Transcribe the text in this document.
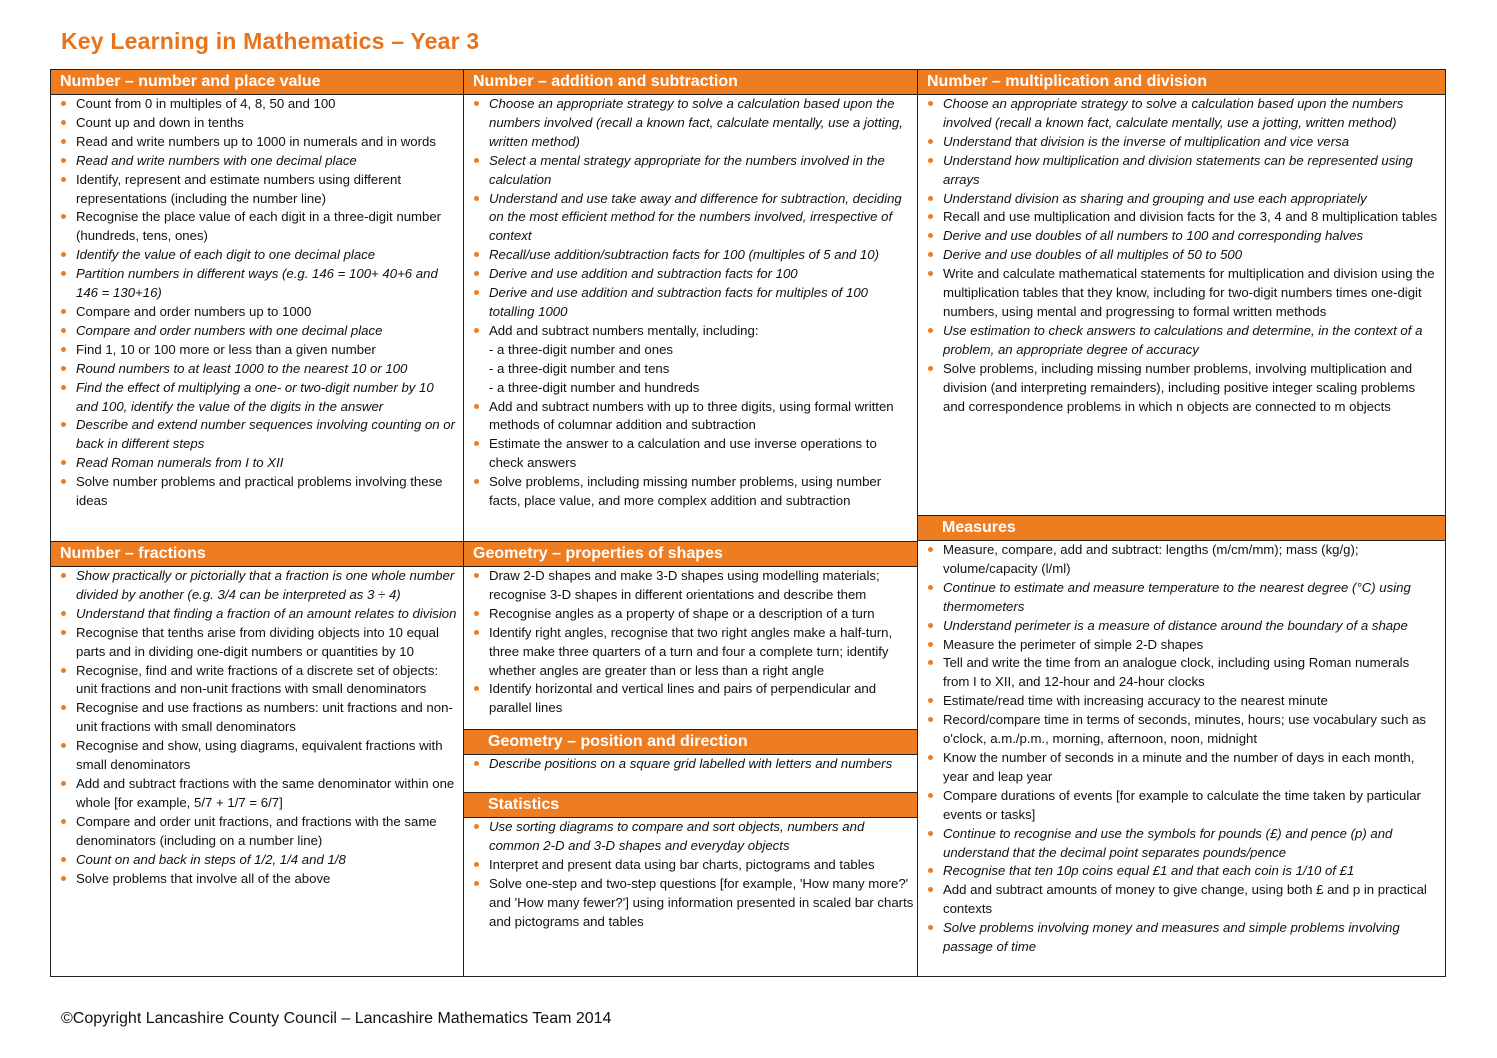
Key Learning in Mathematics – Year 3
Number – number and place value
Count from 0 in multiples of 4, 8, 50 and 100
Count up and down in tenths
Read and write numbers up to 1000 in numerals and in words
Read and write numbers with one decimal place
Identify, represent and estimate numbers using different representations (including the number line)
Recognise the place value of each digit in a three-digit number (hundreds, tens, ones)
Identify the value of each digit to one decimal place
Partition numbers in different ways (e.g. 146 = 100+ 40+6 and 146 = 130+16)
Compare and order numbers up to 1000
Compare and order numbers with one decimal place
Find 1, 10 or 100 more or less than a given number
Round numbers to at least 1000 to the nearest 10 or 100
Find the effect of multiplying a one- or two-digit number by 10 and 100, identify the value of the digits in the answer
Describe and extend number sequences involving counting on or back in different steps
Read Roman numerals from I to XII
Solve number problems and practical problems involving these ideas
Number – fractions
Show practically or pictorially that a fraction is one whole number divided by another (e.g. 3/4 can be interpreted as 3 ÷ 4)
Understand that finding a fraction of an amount relates to division
Recognise that tenths arise from dividing objects into 10 equal parts and in dividing one-digit numbers or quantities by 10
Recognise, find and write fractions of a discrete set of objects: unit fractions and non-unit fractions with small denominators
Recognise and use fractions as numbers: unit fractions and non-unit fractions with small denominators
Recognise and show, using diagrams, equivalent fractions with small denominators
Add and subtract fractions with the same denominator within one whole [for example, 5/7 + 1/7 = 6/7]
Compare and order unit fractions, and fractions with the same denominators (including on a number line)
Count on and back in steps of 1/2, 1/4 and 1/8
Solve problems that involve all of the above
Number – addition and subtraction
Choose an appropriate strategy to solve a calculation based upon the numbers involved (recall a known fact, calculate mentally, use a jotting, written method)
Select a mental strategy appropriate for the numbers involved in the calculation
Understand and use take away and difference for subtraction, deciding on the most efficient method for the numbers involved, irrespective of context
Recall/use addition/subtraction facts for 100 (multiples of 5 and 10)
Derive and use addition and subtraction facts for 100
Derive and use addition and subtraction facts for multiples of 100 totalling 1000
Add and subtract numbers mentally, including:
- a three-digit number and ones
- a three-digit number and tens
- a three-digit number and hundreds
Add and subtract numbers with up to three digits, using formal written methods of columnar addition and subtraction
Estimate the answer to a calculation and use inverse operations to check answers
Solve problems, including missing number problems, using number facts, place value, and more complex addition and subtraction
Geometry – properties of shapes
Draw 2-D shapes and make 3-D shapes using modelling materials; recognise 3-D shapes in different orientations and describe them
Recognise angles as a property of shape or a description of a turn
Identify right angles, recognise that two right angles make a half-turn, three make three quarters of a turn and four a complete turn; identify whether angles are greater than or less than a right angle
Identify horizontal and vertical lines and pairs of perpendicular and parallel lines
Geometry – position and direction
Describe positions on a square grid labelled with letters and numbers
Statistics
Use sorting diagrams to compare and sort objects, numbers and common 2-D and 3-D shapes and everyday objects
Interpret and present data using bar charts, pictograms and tables
Solve one-step and two-step questions [for example, 'How many more?' and 'How many fewer?'] using information presented in scaled bar charts and pictograms and tables
Number – multiplication and division
Choose an appropriate strategy to solve a calculation based upon the numbers involved (recall a known fact, calculate mentally, use a jotting, written method)
Understand that division is the inverse of multiplication and vice versa
Understand how multiplication and division statements can be represented using arrays
Understand division as sharing and grouping and use each appropriately
Recall and use multiplication and division facts for the 3, 4 and 8 multiplication tables
Derive and use doubles of all numbers to 100 and corresponding halves
Derive and use doubles of all multiples of 50 to 500
Write and calculate mathematical statements for multiplication and division using the multiplication tables that they know, including for two-digit numbers times one-digit numbers, using mental and progressing to formal written methods
Use estimation to check answers to calculations and determine, in the context of a problem, an appropriate degree of accuracy
Solve problems, including missing number problems, involving multiplication and division (and interpreting remainders), including positive integer scaling problems and correspondence problems in which n objects are connected to m objects
Measures
Measure, compare, add and subtract: lengths (m/cm/mm); mass (kg/g); volume/capacity (l/ml)
Continue to estimate and measure temperature to the nearest degree (°C) using thermometers
Understand perimeter is a measure of distance around the boundary of a shape
Measure the perimeter of simple 2-D shapes
Tell and write the time from an analogue clock, including using Roman numerals from I to XII, and 12-hour and 24-hour clocks
Estimate/read time with increasing accuracy to the nearest minute
Record/compare time in terms of seconds, minutes, hours; use vocabulary such as o'clock, a.m./p.m., morning, afternoon, noon, midnight
Know the number of seconds in a minute and the number of days in each month, year and leap year
Compare durations of events [for example to calculate the time taken by particular events or tasks]
Continue to recognise and use the symbols for pounds (£) and pence (p) and understand that the decimal point separates pounds/pence
Recognise that ten 10p coins equal £1 and that each coin is 1/10 of £1
Add and subtract amounts of money to give change, using both £ and p in practical contexts
Solve problems involving money and measures and simple problems involving passage of time
©Copyright Lancashire County Council – Lancashire Mathematics Team 2014
